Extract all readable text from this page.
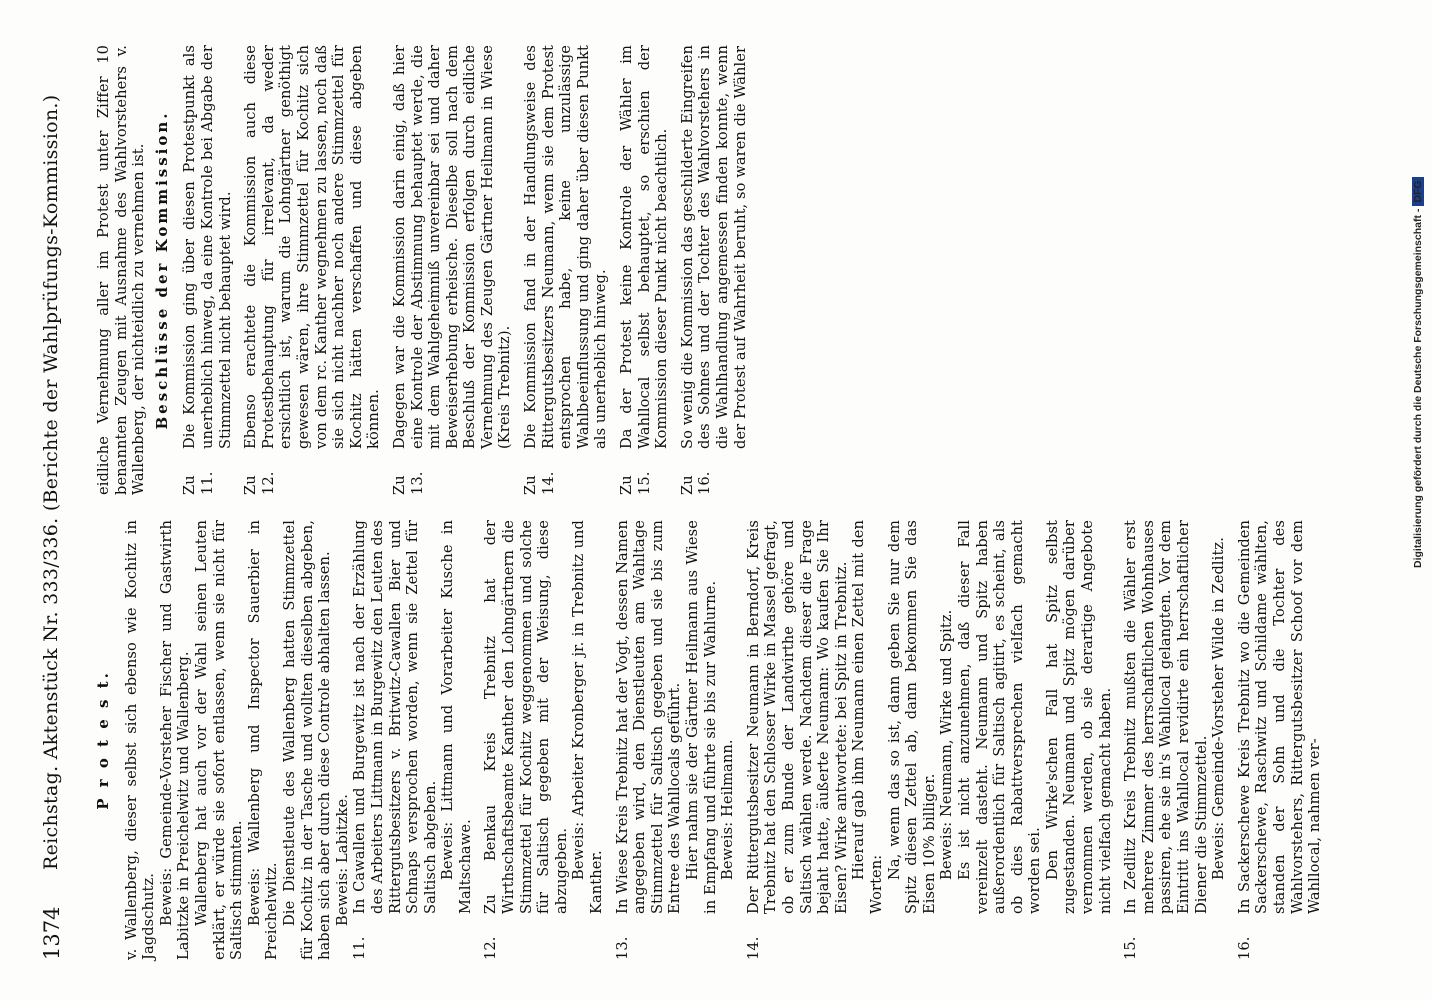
1374
Reichstag. Aktenstück Nr. 333/336. (Berichte der Wahlprüfungs-Kommission.) P r o t e s t. v. Wallenberg, dieser selbst sich ebenso wie Kochitz in Jagdschutz. Beweis: Gemeinde-Vorsteher Fischer und Gastwirth Labitzke in Preichelwitz und Wallenberg. Wallenberg hat auch vor der Wahl seinen Leuten erklärt, er würde sie sofort entlassen, wenn sie nicht für Saltisch stimmten. Beweis: Wallenberg und Inspector Sauerbier in Preichelwitz. Die Dienstleute des Wallenberg hatten Stimmzettel für Kochitz in der Tasche und wollten dieselben abgeben, haben sich aber durch diese Controle abhalten lassen. Beweis: Labitzke.

11.

In Cawallen und Burgewitz ist nach der Erzählung des Arbeiters Littmann in Burgewitz den Leuten des Rittergutsbesitzers v. Britwitz-Cawallen Bier und Schnaps versprochen worden, wenn sie Zettel für Saltisch abgeben. Beweis: Littmann und Vorarbeiter Kusche in Maltschawe.

12.

Zu Benkau Kreis Trebnitz hat der Wirthschaftsbeamte Kanther den Lohngärtnern die Stimmzettel für Kochitz weggenommen und solche für Saltisch gegeben mit der Weisung, diese abzugeben. Beweis: Arbeiter Kronberger jr. in Trebnitz und Kanther.

13.

In Wiese Kreis Trebnitz hat der Vogt, dessen Namen angegeben wird, den Dienstleuten am Wahltage Stimmzettel für Saltisch gegeben und sie bis zum Entree des Wahllocals geführt. Hier nahm sie der Gärtner Heilmann aus Wiese in Empfang und führte sie bis zur Wahlurne. Beweis: Heilmann.

14.

Der Rittergutsbesitzer Neumann in Berndorf, Kreis Trebnitz hat den Schlosser Wirke in Massel gefragt, ob er zum Bunde der Landwirthe gehöre und Saltisch wählen werde. Nachdem dieser die Frage bejaht hatte, äußerte Neumann: Wo kaufen Sie Ihr Eisen? Wirke antwortete: bei Spitz in Trebnitz. Hierauf gab ihm Neumann einen Zettel mit den Worten:

Na, wenn das so ist, dann geben Sie nur dem Spitz diesen Zettel ab, dann bekommen Sie das Eisen 10% billiger. Beweis: Neumann, Wirke und Spitz. Es ist nicht anzunehmen, daß dieser Fall vereinzelt dasteht. Neumann und Spitz haben außerordentlich für Saltisch agitirt, es scheint, als ob dies Rabattversprechen vielfach gemacht worden sei. Den Wirke'schen Fall hat Spitz selbst zugestanden. Neumann und Spitz mögen darüber vernommen werden, ob sie derartige Angebote nicht vielfach gemacht haben.

15.

In Zedlitz Kreis Trebnitz mußten die Wähler erst mehrere Zimmer des herrschaftlichen Wohnhauses passiren, ehe sie in's Wahllocal gelangten. Vor dem Eintritt ins Wahllocal revidirte ein herrschaftlicher Diener die Stimmzettel. Beweis: Gemeinde-Vorsteher Wilde in Zedlitz.

16.

In Sackerschewe Kreis Trebnitz wo die Gemeinden Sackerschewe, Raschwitz und Schildame wählten, standen der Sohn und die Tochter des Wahlvorstehers, Rittergutsbesitzer Schoof vor dem Wahllocal, nahmen ver-

eidliche Vernehmung aller im Protest unter Ziffer 10 benannten Zeugen mit Ausnahme des Wahlvorstehers v. Wallenberg, der nichteidlich zu vernehmen ist. Beschlüsse der Kommission.
Zu 11.

Die Kommission ging über diesen Protestpunkt als unerheblich hinweg, da eine Kontrole bei Abgabe der Stimmzettel nicht behauptet wird.

Zu 12.

Ebenso erachtete die Kommission auch diese Protestbehauptung für irrelevant, da weder ersichtlich ist, warum die Lohngärtner genöthigt gewesen wären, ihre Stimmzettel für Kochitz sich von dem rc. Kanther wegnehmen zu lassen, noch daß sie sich nicht nachher noch andere Stimmzettel für Kochitz hätten verschaffen und diese abgeben können.

Zu 13.

Dagegen war die Kommission darin einig, daß hier eine Kontrole der Abstimmung behauptet werde, die mit dem Wahlgeheimniß unvereinbar sei und daher Beweiserhebung erheische. Dieselbe soll nach dem Beschluß der Kommission erfolgen durch eidliche Vernehmung des Zeugen Gärtner Heilmann in Wiese (Kreis Trebnitz).

Zu 14.

Die Kommission fand in der Handlungsweise des Rittergutsbesitzers Neumann, wenn sie dem Protest entsprochen habe, keine unzulässige Wahlbeeinflussung und ging daher über diesen Punkt als unerheblich hinweg.

Zu 15.

Da der Protest keine Kontrole der Wähler im Wahllocal selbst behauptet, so erschien der Kommission dieser Punkt nicht beachtlich.

Zu 16.

So wenig die Kommission das geschilderte Eingreifen des Sohnes und der Tochter des Wahlvorstehers in die Wahlhandlung angemessen finden konnte, wenn der Protest auf Wahrheit beruht, so waren die Wähler	Digitalisierung gefördert durch die Deutsche Forschungsgemeinschaft -DFG
